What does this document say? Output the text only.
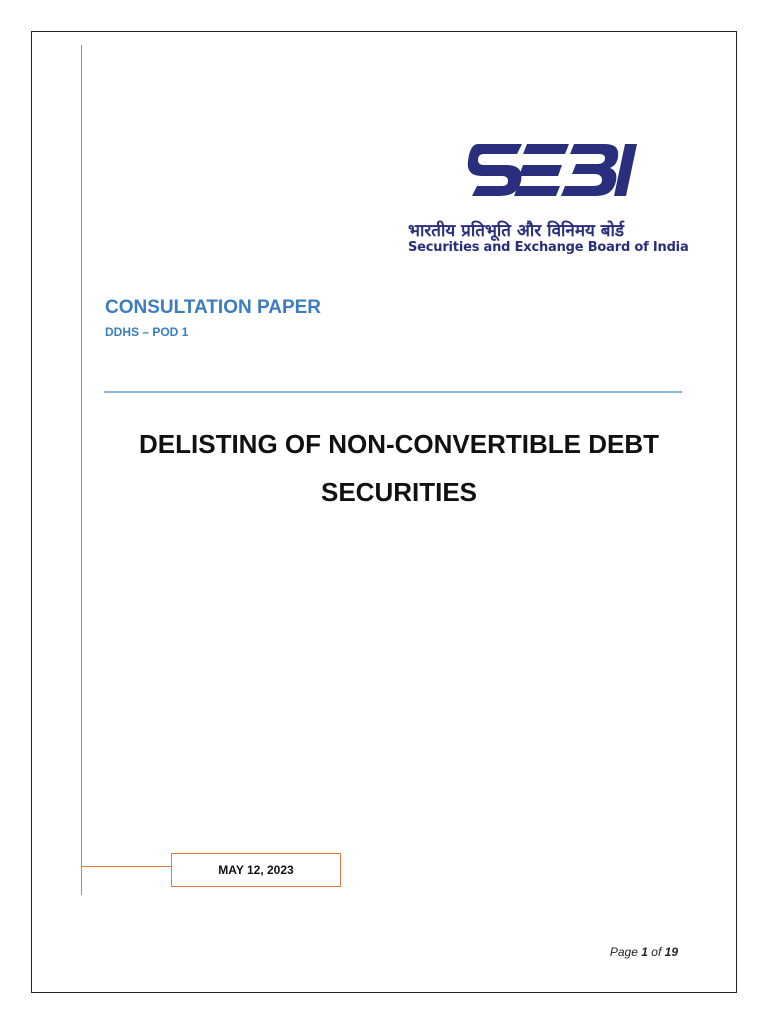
भारतीय प्रतिभूति और विनिमय बोर्ड
Securities and Exchange Board of India
CONSULTATION PAPER
DDHS – POD 1
DELISTING OF NON-CONVERTIBLE DEBT
SECURITIES
MAY 12, 2023
Page 1 of 19
